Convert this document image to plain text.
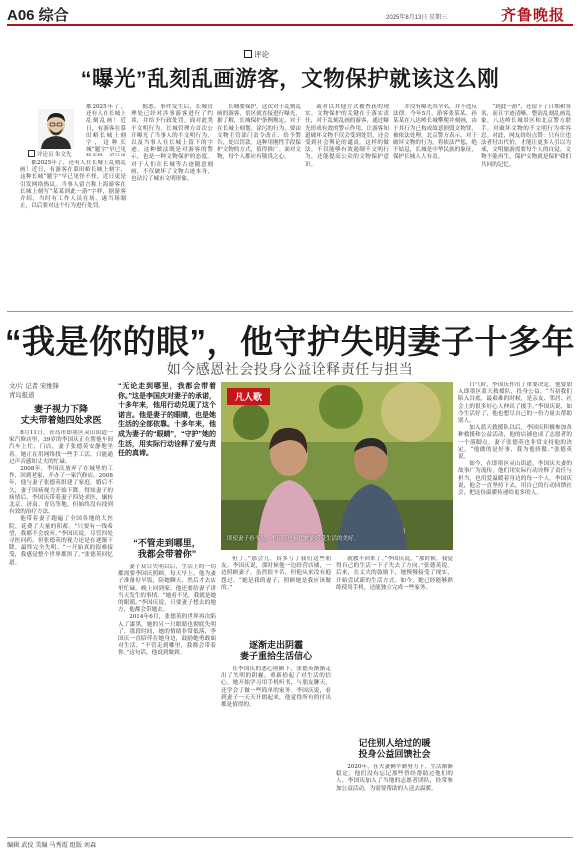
A06 综合	2025年8月13日 星期三	齐鲁晚报
评论
“曝光”乱刻乱画游客，文物保护就该这么刚
评论员 朱文先
都2025年了，还有人在长城上乱刻乱画！近日，有游客在慕田峪长城上刻字，这种长城“题字”早已见

都2025年了，还有人在长城上乱刻乱画！近日，有游客在慕田峪长城上刻字，这种长城“题字”早已见怪不怪，近日更是引发网络热议。当事人留言称上海游客在长城上刻写“某某到此一游”字样，据游客介绍，当时有工作人员在场，遂当场制止，以后要对这个行为进行处罚。

据悉，事件发生后，长城管理处已经对涉事游客进行了约谈，并给予行政处罚。面对此类不文明行为，长城管理方首次公开曝光了当事人的不文明行为，以及当事人在长城上留下的字迹。这种做法既是对游客的警示，也是一种文物保护的态度。对于人们在长城等古迹随意刻画，不仅破坏了文物古迹本身，也玷污了城市文明形象。

长城要保护。这次对于乱刻乱画的游客，景区就直接进行曝光，据了解，长城保护条例规定，对于在长城上刻划、涂污的行为，要由文物主管部门责令改正、给予警告，处以罚款。这种用刚性手段保护文物的方式，值得推广。面对文物，每个人都应有敬畏之心。

或者以其他方式被查获的现实，文物保护的关键在于落实责任，对于乱刻乱画的游客，通过曝光形成有效的警示作用，让游客知道破坏文物不仅会受到处罚，还会受到社会舆论的谴责。这样的做法，不仅能够有效遏制不文明行为，还能提高公众的文物保护意识。

并没有曝光其全名，并不违反法律。今年5月，游客张某某、孙某某在八达岭长城攀爬并刻画，由于其行为已构成故意损毁文物罪，被依法处理。北京警方表示，对于破坏文物的行为，将依法严惩，绝不姑息，长城是中华民族的象征，保护长城人人有责。

“到此一游”，还留下了日期和签名，而且字迹清晰。整治乱刻乱画乱象，八达岭长城景区和北京警方联手，对破坏文物的不文明行为零容忍。对此，网友纷纷点赞：只有让违法者付出代价，才能让更多人引以为戒，文明旅游需要每个人的自觉。文物不能再生，保护文物就是保护我们共同的记忆。

“我是你的眼”，他守护失明妻子十多年
如今感恩社会投身公益诠释责任与担当
文/片 记者 宋维锋
青岛报道
妻子视力下降
丈夫带着她四处求医

8月11日，青岛市即墨区灵山街道一家汽修店里，39岁的李国庆正在帮他车间汽车上忙，门店，妻子张德英安静地坐着。她正在用网络找一些手工活，只能通过声音感知丈夫的忙碌。

2008年，李国庆放弃了在城里的工作，回到老家，开办了一家汽修店。2008年，他与妻子张德英组建了家庭，婚后不久，妻子因病视力开始下降。得知妻子的病情后，李国庆带着妻子四处求医，辗转北京、济南、青岛等地，但始终没有找到有效的治疗方法。

他带着妻子跑遍了全国各地的大医院，花费了大量的积蓄。“只要有一线希望，我都不会放弃。”李国庆说。尽管四处寻医问药，但张德英的视力还是在逐渐下降，最终完全失明。“一开始真的很难接受，我感觉整个世界都黑了。”张德英回忆道。

“无论走到哪里，我都会带着你。”这是李国庆对妻子的承诺，十多年来，他用行动兑现了这个诺言。他是妻子的眼睛，也是她生活的全部依靠。十多年来，他成为妻子的“眼睛”，“守护”她的生活，用实际行动诠释了爱与责任的真谛。
凡人歌
即使妻子看不见，李国庆也希望她能感受生活的美好。
“不管走到哪里，
我都会带着你”

妻子双目失明以后，生活上的一切都需要李国庆照顾。每天早上，他为妻子准备好早饭，陪她聊天，然后才去店里忙碌。晚上回到家，他还要给妻子讲当天发生的事情。“她看不见，我就是她的眼睛。”李国庆说，只要妻子想去的地方，他都会带她去。

2014年6月，张德英的世界再次陷入了漆黑，她的另一只眼睛也彻底失明了。那段时间，她的情绪非常低落，李国庆一直陪伴在她身边，鼓励她勇敢面对生活。“不管走到哪里，我都会带着你。”这句话，他说到做到。

但了。”那会儿，真多亏了我们这些朋友。李国庆说，那时候他一边经营店铺，一边照顾妻子，虽然很辛苦，但他从来没有抱怨过。“她是我的妻子，照顾她是我应该做的。”

逐渐走出阴霾
妻子重拾生活信心

在李国庆的悉心照顾下，张德英渐渐走出了失明的阴霾，重新拾起了对生活的信心。她开始学习用手机听书、与朋友聊天，还学会了做一些简单的家务。李国庆说，看到妻子一天天开朗起来，他觉得所有的付出都是值得的。

就教不回来了。”李国庆说。“那时候，我觉得自己的生活一下子失去了方向。”张德英说。后来，在丈夫的鼓励下，她慢慢接受了现实，开始尝试新的生活方式。如今，她已经能够熟练使用手机，还能独立完成一些家务。

记住别人给过的暖
投身公益回馈社会

2020年，在夫妻俩辛勤努力下，生活渐渐稳定，他们没有忘记那些曾经帮助过他们的人。李国庆加入了当地的志愿者团队，经常参加公益活动，为需要帮助的人送去温暖。

口气时，李国庆作出了重要决定，他要加入即墨区蓝天救援队，投身公益。“当初我们陷入谷底，最艰难的时候，是亲友、邻居、社会上的很多好心人伸出了援手。”李国庆说，如今生活好了，他也想尽自己的一份力量去帮助别人。

加入蓝天救援队以后，李国庆积极参加各种救援和公益活动，他的店铺也成了志愿者的一个落脚点。妻子张德英也非常支持他的决定，“他做的是好事，我为他骄傲。”张德英说。

如今，在即墨区灵山街道，李国庆夫妻的故事广为流传，他们用实际行动诠释了责任与担当，也用爱温暖着身边的每一个人。李国庆说，他会一直坚持下去，用自己的行动回馈社会，把这份温暖传递给更多的人。

编辑 武佼 美编 马秀霞 组版 刘森
